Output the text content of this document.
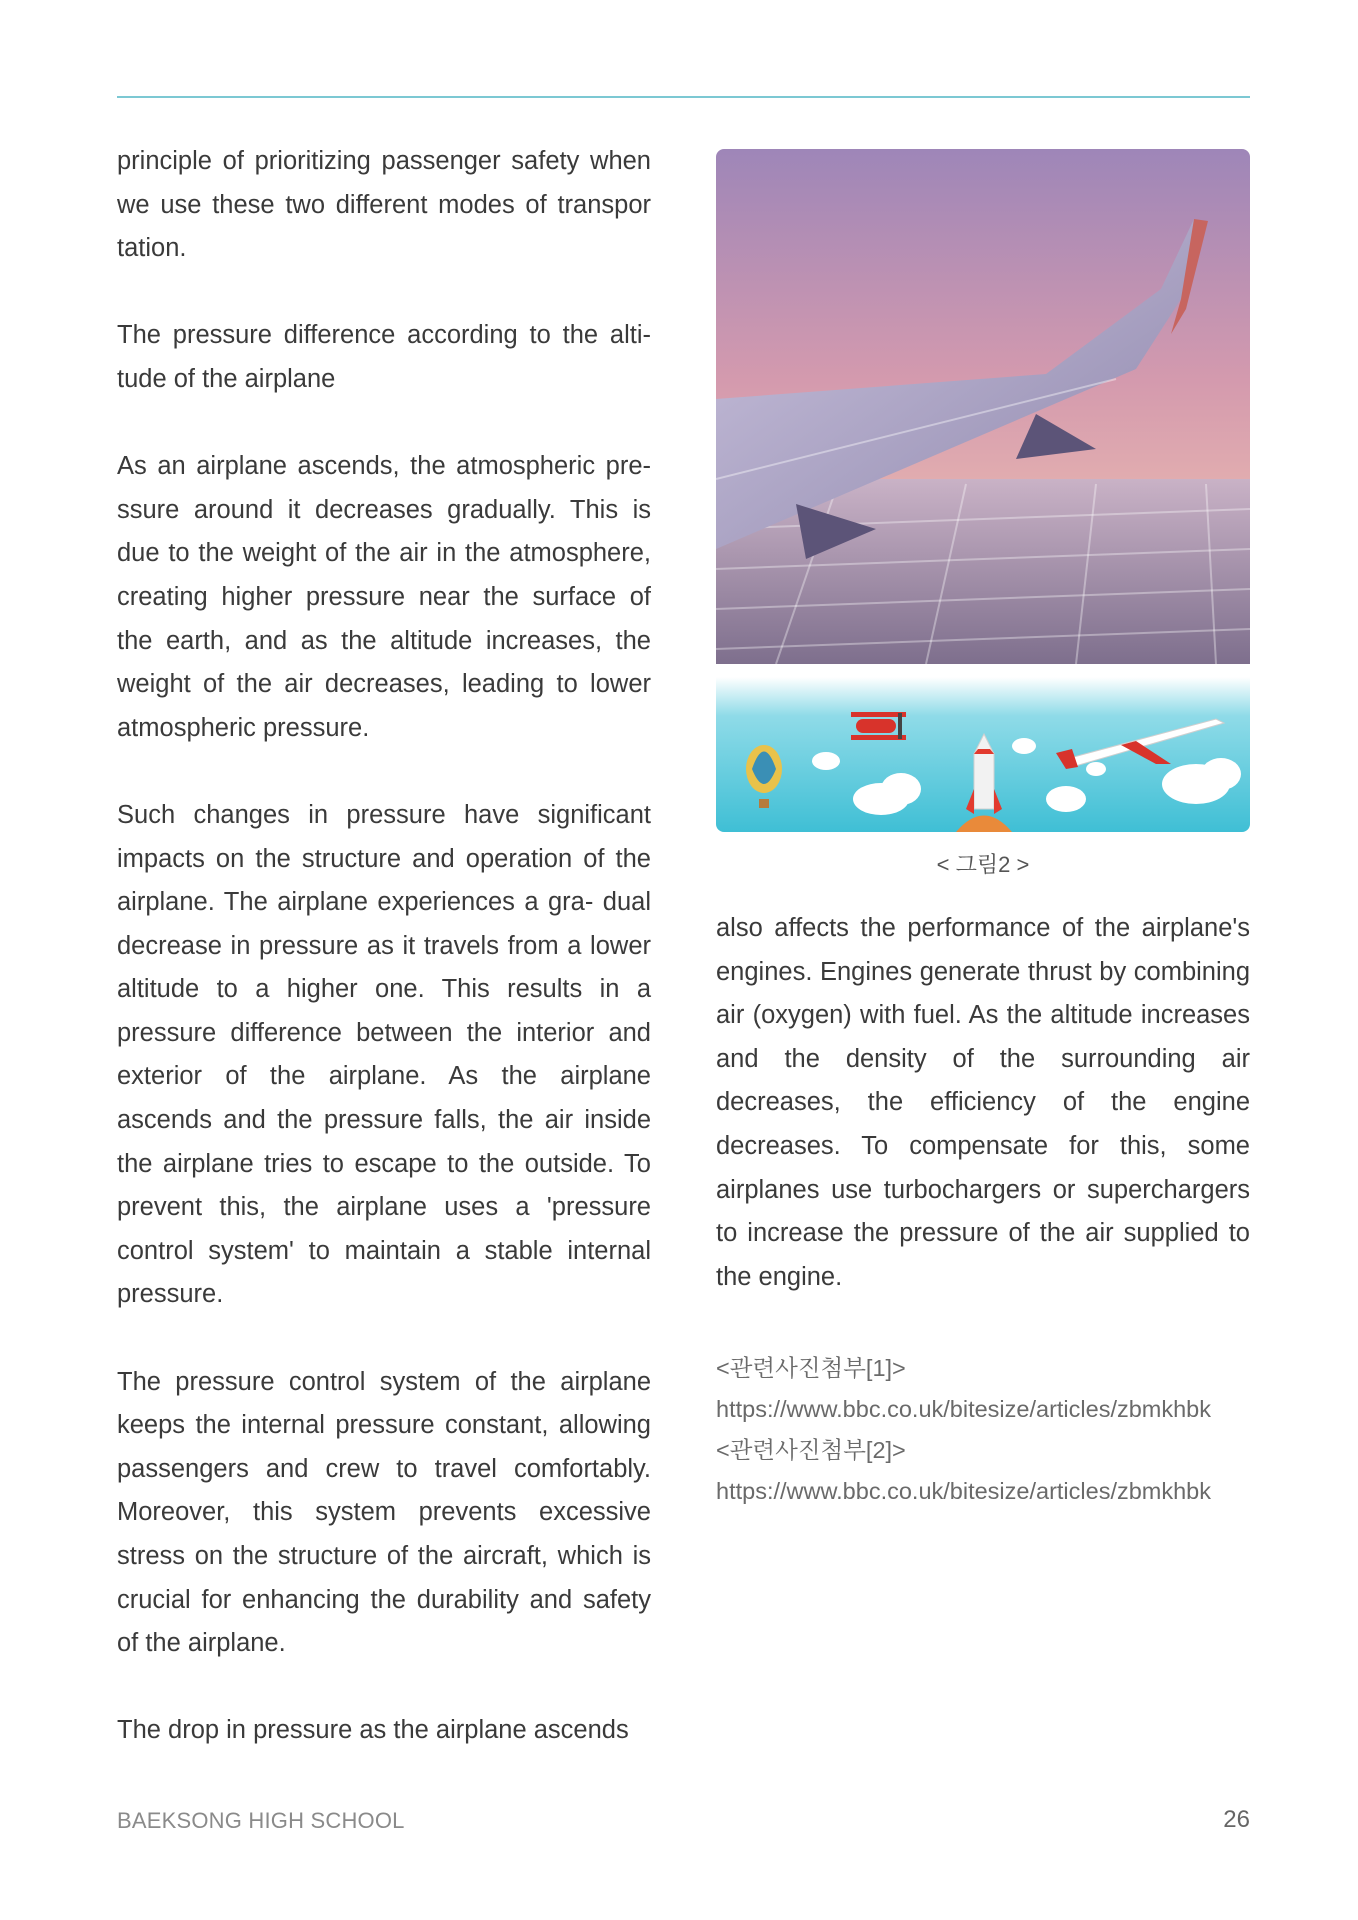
principle of prioritizing passenger safety when we use these two different modes of transpor tation.

The pressure difference according to the alti- tude of the airplane

As an airplane ascends, the atmospheric pre- ssure around it decreases gradually. This is due to the weight of the air in the atmosphere, creating higher pressure near the surface of the earth, and as the altitude increases, the weight of the air decreases, leading to lower atmospheric pressure.

Such changes in pressure have significant impacts on the structure and operation of the airplane. The airplane experiences a gra- dual decrease in pressure as it travels from a lower altitude to a higher one. This results in a pressure difference between the interior and exterior of the airplane. As the airplane ascends and the pressure falls, the air inside the airplane tries to escape to the outside. To prevent this, the airplane uses a 'pressure control system' to maintain a stable internal pressure.

The pressure control system of the airplane keeps the internal pressure constant, allowing passengers and crew to travel comfortably. Moreover, this system prevents excessive stress on the structure of the aircraft, which is crucial for enhancing the durability and safety of the airplane.

The drop in pressure as the airplane ascends

< 그림2 >

also affects the performance of the airplane's engines. Engines generate thrust by combining air (oxygen) with fuel. As the altitude increases and the density of the surrounding air decreases, the efficiency of the engine decreases. To compensate for this, some airplanes use turbochargers or superchargers to increase the pressure of the air supplied to the engine.

<관련사진첨부[1]> https://www.bbc.co.uk/bitesize/articles/zbmkhbk
<관련사진첨부[2]> https://www.bbc.co.uk/bitesize/articles/zbmkhbk
BAEKSONG HIGH SCHOOL	26
